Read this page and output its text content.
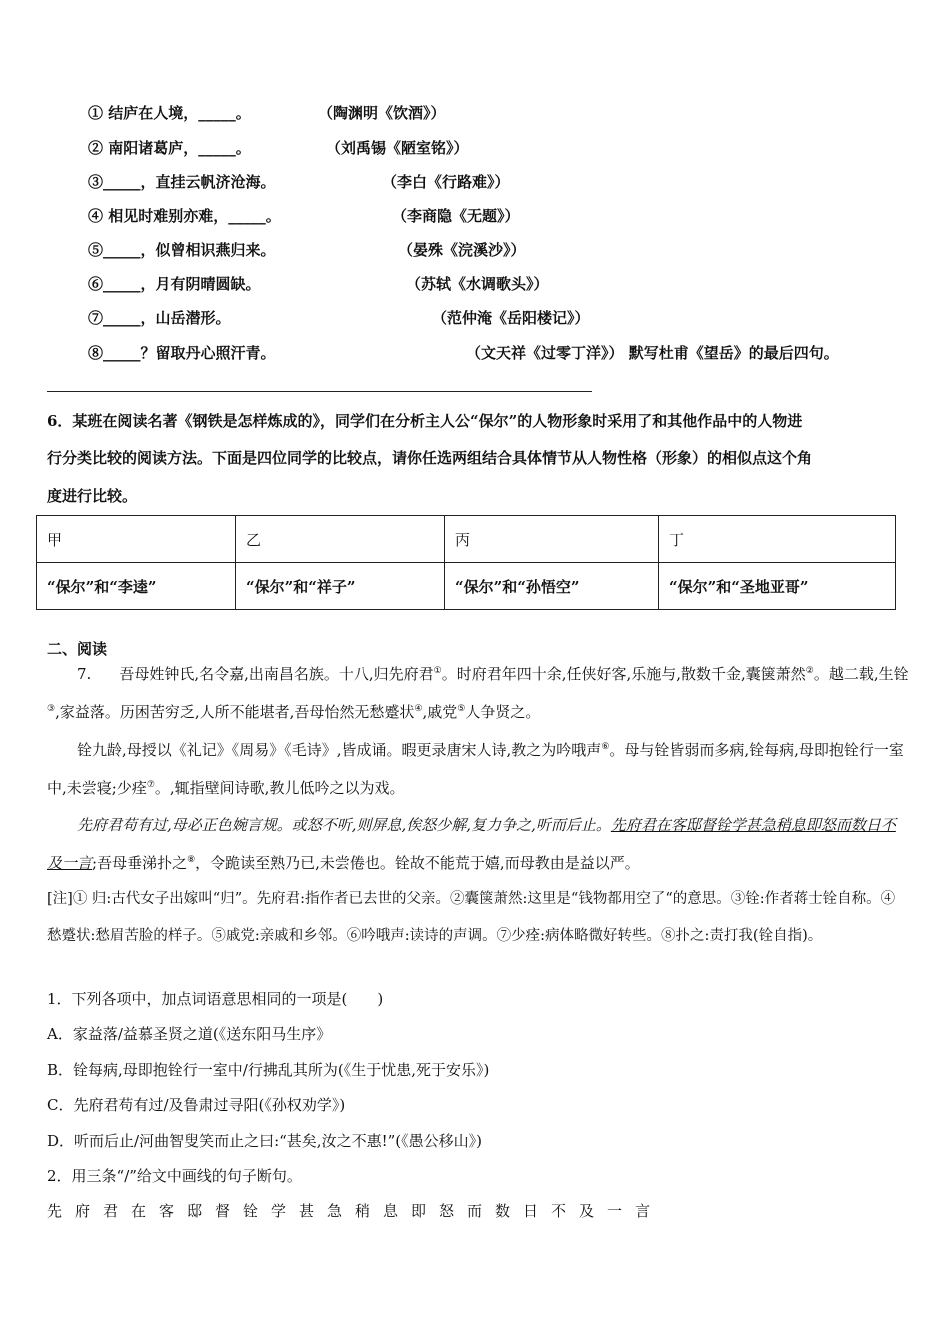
① 结庐在人境，_____。	（陶渊明《饮酒》）
② 南阳诸葛庐，_____。	（刘禹锡《陋室铭》）
③_____，直挂云帆济沧海。	（李白《行路难》）
④ 相见时难别亦难，_____。	（李商隐《无题》）
⑤_____，似曾相识燕归来。	（晏殊《浣溪沙》）
⑥_____，月有阴晴圆缺。	（苏轼《水调歌头》）
⑦_____，山岳潜形。	（范仲淹《岳阳楼记》）
⑧_____？留取丹心照汗青。	（文天祥《过零丁洋》） 默写杜甫《望岳》的最后四句。
6．某班在阅读名著《钢铁是怎样炼成的》，同学们在分析主人公“保尔”的人物形象时采用了和其他作品中的人物进
行分类比较的阅读方法。下面是四位同学的比较点，请你任选两组结合具体情节从人物性格（形象）的相似点这个角
度进行比较。
甲	乙	丙	丁
“保尔”和“李逵”	“保尔”和“祥子”	“保尔”和“孙悟空”	“保尔”和“圣地亚哥”
二、阅读
7. 吾母姓钟氏,名令嘉,出南昌名族。十八,归先府君①。时府君年四十余,任侠好客,乐施与,散数千金,囊箧萧然②。越二载,生铨③,家益落。历困苦穷乏,人所不能堪者,吾母怡然无愁蹙状④,戚党⑤人争贤之。
铨九龄,母授以《礼记》《周易》《毛诗》,皆成诵。暇更录唐宋人诗,教之为吟哦声⑥。母与铨皆弱而多病,铨每病,母即抱铨行一室中,未尝寝;少痊⑦。,辄指壁间诗歌,教儿低吟之以为戏。
先府君苟有过,母必正色婉言规。或怒不听,则屏息,俟怒少解,复力争之,听而后止。先府君在客邸督铨学甚急稍息即怒而数日不及一言;吾母垂涕扑之⑧，令跪读至熟乃已,未尝倦也。铨故不能荒于嬉,而母教由是益以严。
[注]① 归:古代女子出嫁叫“归”。先府君:指作者已去世的父亲。②囊箧萧然:这里是“钱物都用空了“的意思。③铨:作者蒋士铨自称。④愁蹙状:愁眉苦脸的样子。⑤戚党:亲戚和乡邻。⑥吟哦声:读诗的声调。⑦少痊:病体略微好转些。⑧扑之:责打我(铨自指)。
1．下列各项中，加点词语意思相同的一项是(　　)
A．家益落/益慕圣贤之道(《送东阳马生序》
B．铨每病,母即抱铨行一室中/行拂乱其所为(《生于忧患,死于安乐》)
C．先府君苟有过/及鲁肃过寻阳(《孙权劝学》)
D．听而后止/河曲智叟笑而止之曰:“甚矣,汝之不惠!”(《愚公移山》)
2．用三条“/”给文中画线的句子断句。
先府君在客邸督铨学甚急稍息即怒而数日不及一言
